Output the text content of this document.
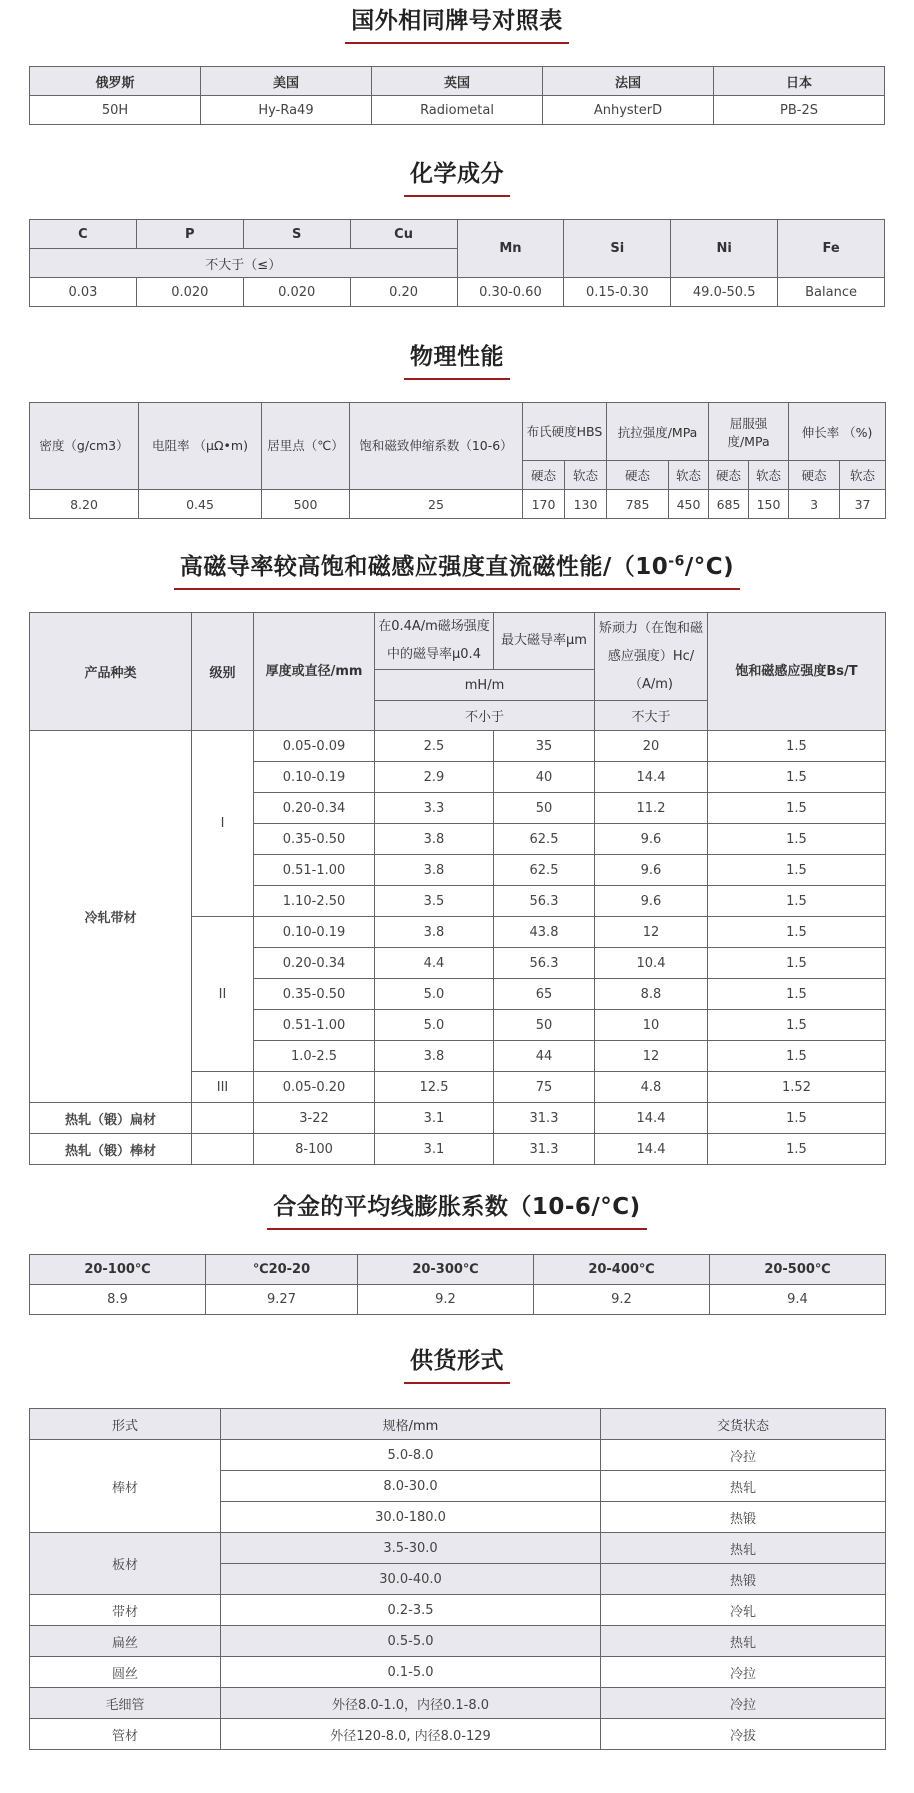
国外相同牌号对照表
俄罗斯	美国	英国	法国	日本
50H	Hy-Ra49	Radiometal	AnhysterD	PB-2S
化学成分
C	P	S	Cu	Mn	Si	Ni	Fe
不大于（≤）							
0.03	0.020	0.020	0.20	0.30-0.60	0.15-0.30	49.0-50.5	Balance
物理性能
密度（g/cm3）	电阻率 （μΩ•m)	居里点（℃）	饱和磁致伸缩系数（10-6）	布氏硬度HBS		抗拉强度/MPa		屈服强度/MPa		伸长率 （%)	
				硬态	软态	硬态	软态	硬态	软态	硬态	软态
8.20	0.45	500	25	170	130	785	450	685	150	3	37
高磁导率较高饱和磁感应强度直流磁性能$/(10^{-6}/^\circ C)$
产品种类	级别	厚度或直径/mm	在0.4A/m磁场强度中的磁导率μ0.4	最大磁导率μm	矫顽力（在饱和磁感应强度）Hc/（A/m)	饱和磁感应强度Bs/T
			mH/m			
			不小于		不大于	
冷轧带材	I	0.05-0.09	2.5	35	20	1.5
		0.10-0.19	2.9	40	14.4	1.5
		0.20-0.34	3.3	50	11.2	1.5
		0.35-0.50	3.8	62.5	9.6	1.5
		0.51-1.00	3.8	62.5	9.6	1.5
		1.10-2.50	3.5	56.3	9.6	1.5
	II	0.10-0.19	3.8	43.8	12	1.5
		0.20-0.34	4.4	56.3	10.4	1.5
		0.35-0.50	5.0	65	8.8	1.5
		0.51-1.00	5.0	50	10	1.5
		1.0-2.5	3.8	44	12	1.5
	III	0.05-0.20	12.5	75	4.8	1.52
热轧（锻）扁材		3-22	3.1	31.3	14.4	1.5
热轧（锻）棒材		8-100	3.1	31.3	14.4	1.5
合金的平均线膨胀系数（10-6/°C)
20-100℃	℃20-20	20-300℃	20-400℃	20-500℃
8.9	9.27	9.2	9.2	9.4
供货形式
形式	规格/mm	交货状态
棒材	5.0-8.0	冷拉
	8.0-30.0	热轧
	30.0-180.0	热锻
板材	3.5-30.0	热轧
	30.0-40.0	热锻
带材	0.2-3.5	冷轧
扁丝	0.5-5.0	热轧
圆丝	0.1-5.0	冷拉
毛细管	外径8.0-1.0，内径0.1-8.0	冷拉
管材	外径120-8.0, 内径8.0-129	冷拔
